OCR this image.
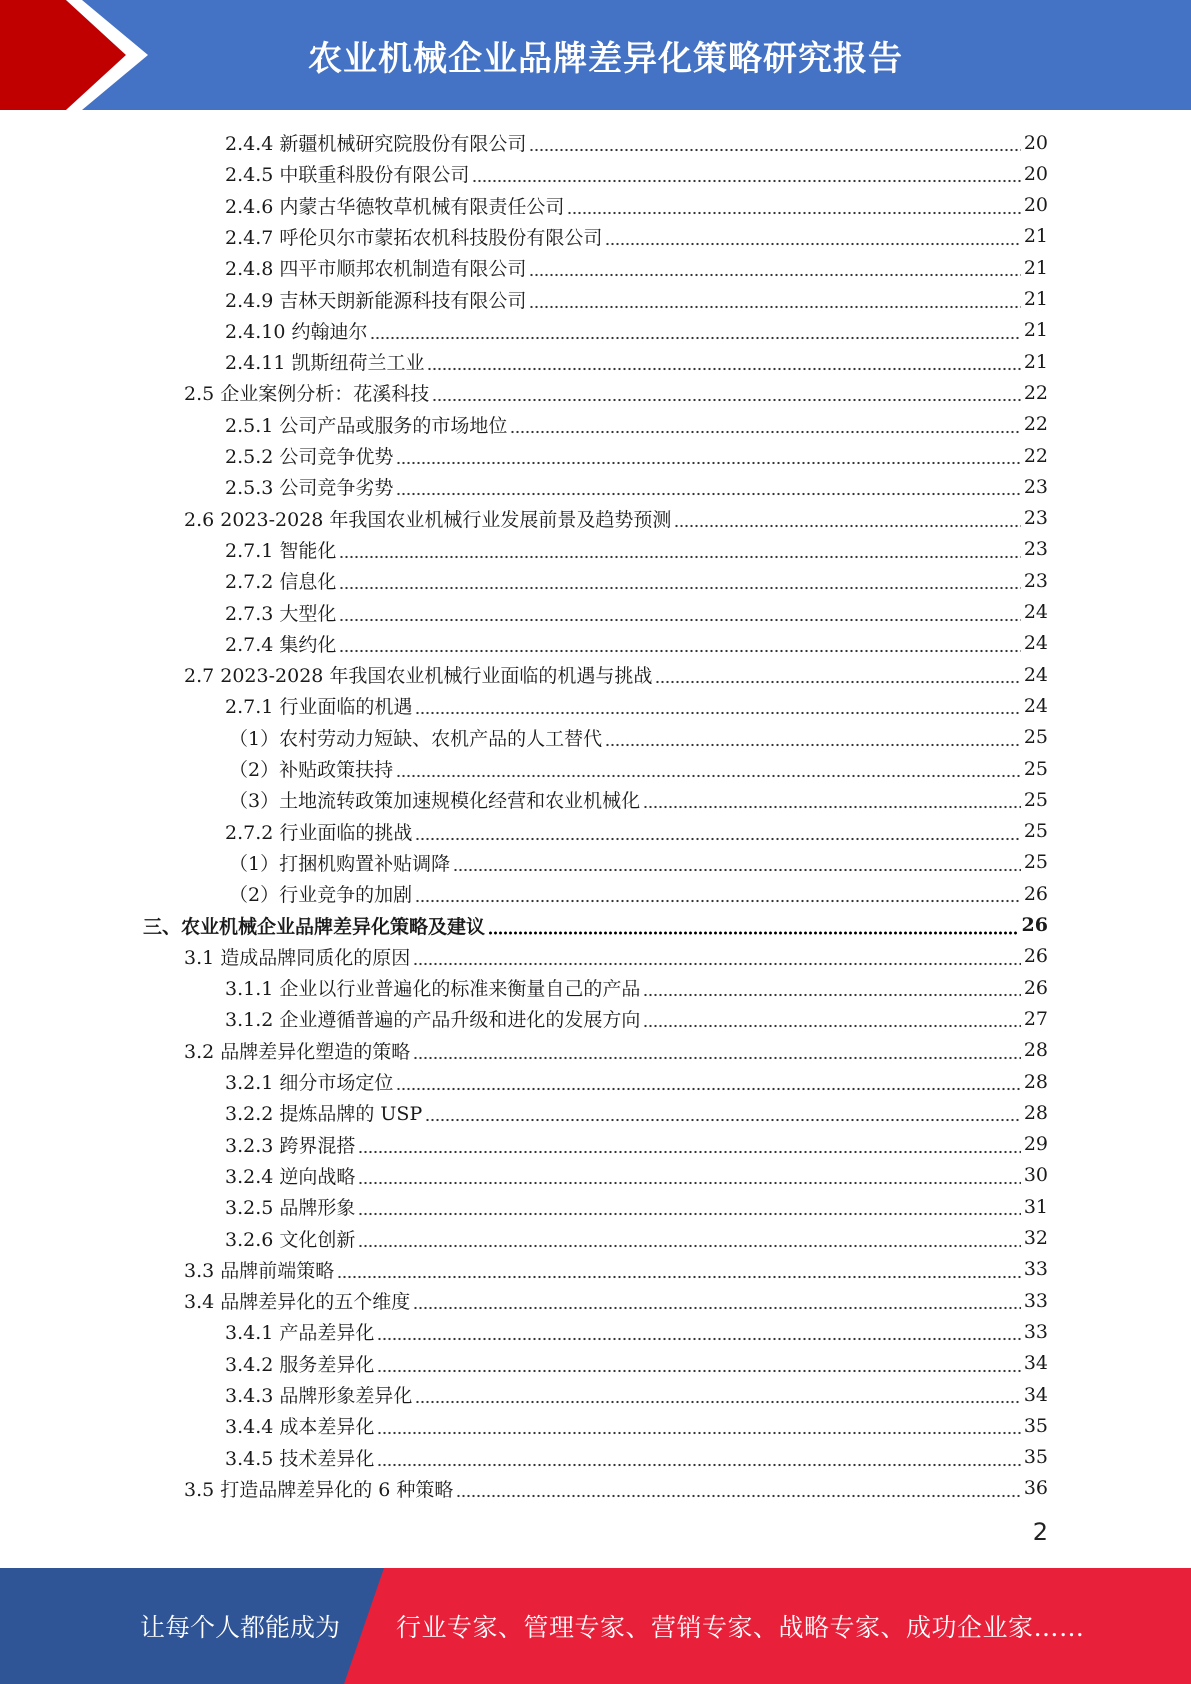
农业机械企业品牌差异化策略研究报告
2.4.4 新疆机械研究院股份有限公司	20
2.4.5 中联重科股份有限公司	20
2.4.6 内蒙古华德牧草机械有限责任公司	20
2.4.7 呼伦贝尔市蒙拓农机科技股份有限公司	21
2.4.8 四平市顺邦农机制造有限公司	21
2.4.9 吉林天朗新能源科技有限公司	21
2.4.10 约翰迪尔	21
2.4.11 凯斯纽荷兰工业	21
2.5 企业案例分析：花溪科技	22
2.5.1 公司产品或服务的市场地位	22
2.5.2 公司竞争优势	22
2.5.3 公司竞争劣势	23
2.6 2023-2028 年我国农业机械行业发展前景及趋势预测	23
2.7.1 智能化	23
2.7.2 信息化	23
2.7.3 大型化	24
2.7.4 集约化	24
2.7 2023-2028 年我国农业机械行业面临的机遇与挑战	24
2.7.1 行业面临的机遇	24
（1）农村劳动力短缺、农机产品的人工替代	25
（2）补贴政策扶持	25
（3）土地流转政策加速规模化经营和农业机械化	25
2.7.2 行业面临的挑战	25
（1）打捆机购置补贴调降	25
（2）行业竞争的加剧	26
三、农业机械企业品牌差异化策略及建议	26
3.1 造成品牌同质化的原因	26
3.1.1 企业以行业普遍化的标准来衡量自己的产品	26
3.1.2 企业遵循普遍的产品升级和进化的发展方向	27
3.2 品牌差异化塑造的策略	28
3.2.1 细分市场定位	28
3.2.2 提炼品牌的 USP	28
3.2.3 跨界混搭	29
3.2.4 逆向战略	30
3.2.5 品牌形象	31
3.2.6 文化创新	32
3.3 品牌前端策略	33
3.4 品牌差异化的五个维度	33
3.4.1 产品差异化	33
3.4.2 服务差异化	34
3.4.3 品牌形象差异化	34
3.4.4 成本差异化	35
3.4.5 技术差异化	35
3.5 打造品牌差异化的 6 种策略	36
2
让每个人都能成为 行业专家、管理专家、营销专家、战略专家、成功企业家……
